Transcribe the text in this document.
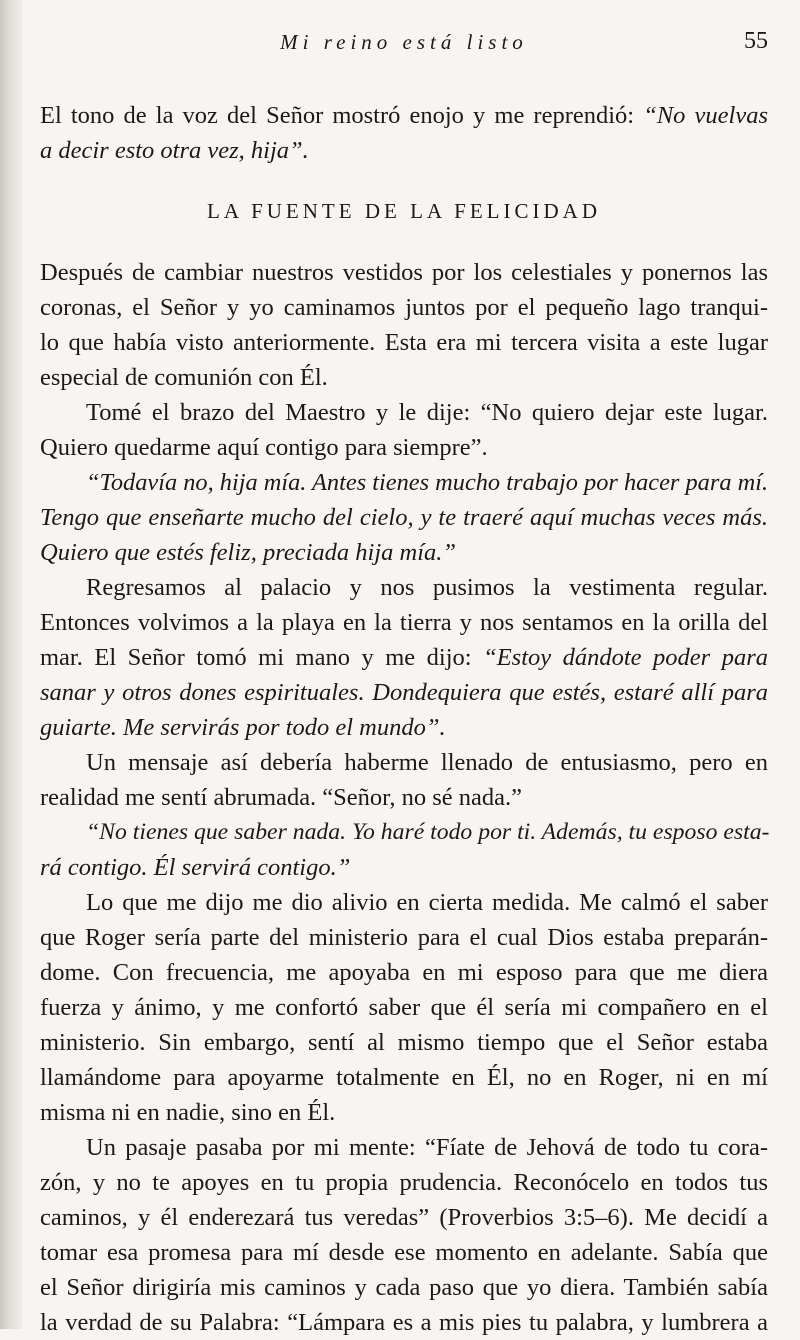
Mi reino está listo	55
El tono de la voz del Señor mostró enojo y me reprendió: “No vuelvas
a decir esto otra vez, hija”.
LA FUENTE DE LA FELICIDAD
Después de cambiar nuestros vestidos por los celestiales y ponernos las
coronas, el Señor y yo caminamos juntos por el pequeño lago tranqui-
lo que había visto anteriormente. Esta era mi tercera visita a este lugar
especial de comunión con Él.
Tomé el brazo del Maestro y le dije: “No quiero dejar este lugar.
Quiero quedarme aquí contigo para siempre”.
“Todavía no, hija mía. Antes tienes mucho trabajo por hacer para mí.
Tengo que enseñarte mucho del cielo, y te traeré aquí muchas veces más.
Quiero que estés feliz, preciada hija mía.”
Regresamos al palacio y nos pusimos la vestimenta regular.
Entonces volvimos a la playa en la tierra y nos sentamos en la orilla del
mar. El Señor tomó mi mano y me dijo: “Estoy dándote poder para
sanar y otros dones espirituales. Dondequiera que estés, estaré allí para
guiarte. Me servirás por todo el mundo”.
Un mensaje así debería haberme llenado de entusiasmo, pero en
realidad me sentí abrumada. “Señor, no sé nada.”
“No tienes que saber nada. Yo haré todo por ti. Además, tu esposo esta-
rá contigo. Él servirá contigo.”
Lo que me dijo me dio alivio en cierta medida. Me calmó el saber
que Roger sería parte del ministerio para el cual Dios estaba preparán-
dome. Con frecuencia, me apoyaba en mi esposo para que me diera
fuerza y ánimo, y me confortó saber que él sería mi compañero en el
ministerio. Sin embargo, sentí al mismo tiempo que el Señor estaba
llamándome para apoyarme totalmente en Él, no en Roger, ni en mí
misma ni en nadie, sino en Él.
Un pasaje pasaba por mi mente: “Fíate de Jehová de todo tu cora-
zón, y no te apoyes en tu propia prudencia. Reconócelo en todos tus
caminos, y él enderezará tus veredas” (Proverbios 3:5–6). Me decidí a
tomar esa promesa para mí desde ese momento en adelante. Sabía que
el Señor dirigiría mis caminos y cada paso que yo diera. También sabía
la verdad de su Palabra: “Lámpara es a mis pies tu palabra, y lumbrera a
